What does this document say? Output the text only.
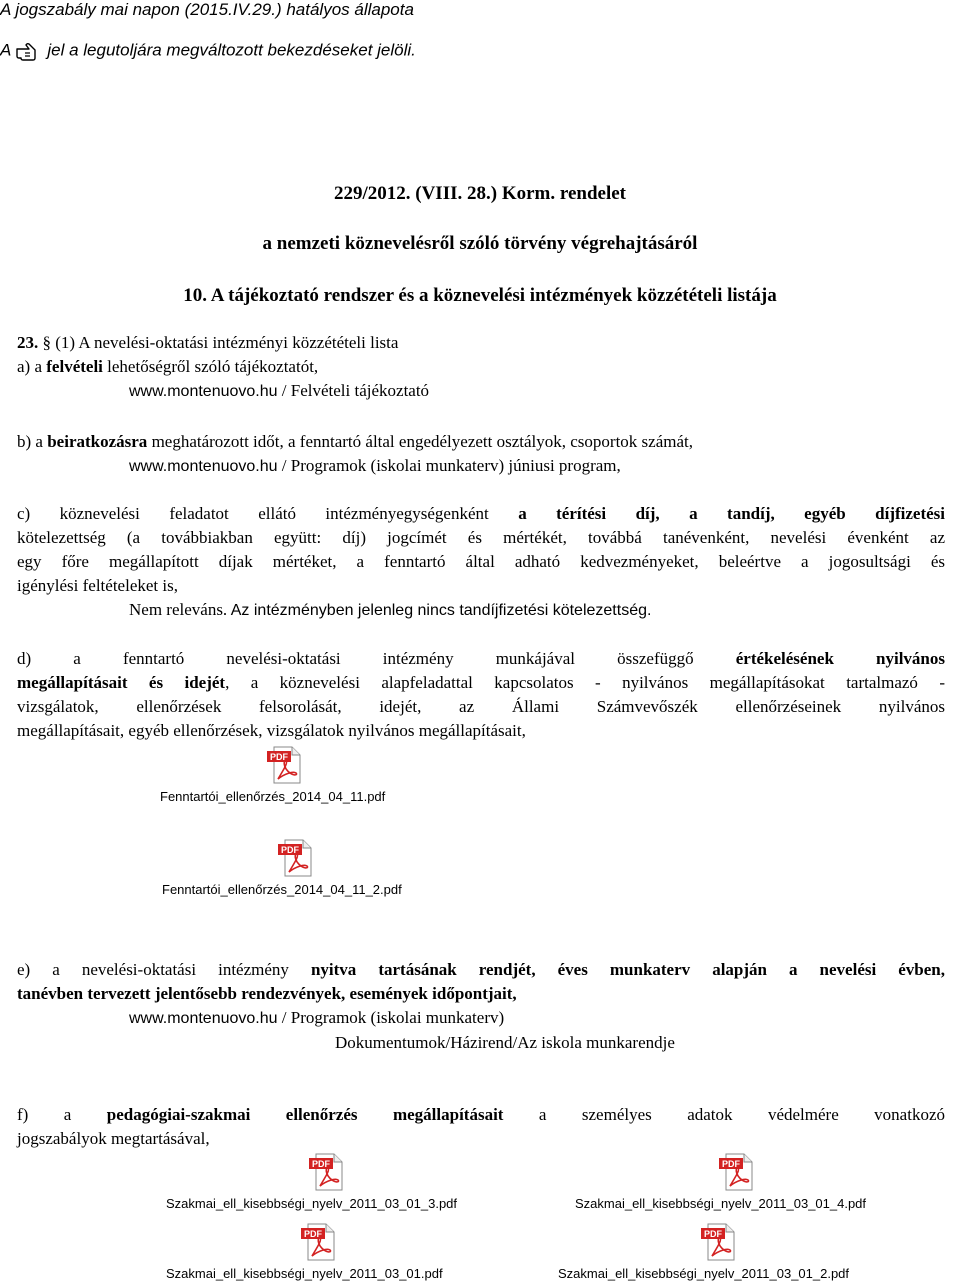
A jogszabály mai napon (2015.IV.29.) hatályos állapota
A jel a legutoljára megváltozott bekezdéseket jelöli.
229/2012. (VIII. 28.) Korm. rendelet
a nemzeti köznevelésről szóló törvény végrehajtásáról
10. A tájékoztató rendszer és a köznevelési intézmények közzétételi listája

23. § (1) A nevelési-oktatási intézményi közzétételi lista

a) a felvételi lehetőségről szóló tájékoztatót,

www.montenuovo.hu / Felvételi tájékoztató

b) a beiratkozásra meghatározott időt, a fenntartó által engedélyezett osztályok, csoportok számát,

www.montenuovo.hu / Programok (iskolai munkaterv) júniusi program,

c) köznevelési feladatot ellátó intézményegységenként a térítési díj, a tandíj, egyéb díjfizetési

kötelezettség (a továbbiakban együtt: díj) jogcímét és mértékét, továbbá tanévenként, nevelési évenként az

egy főre megállapított díjak mértéket, a fenntartó által adható kedvezményeket, beleértve a jogosultsági és

igénylési feltételeket is,

Nem releváns. Az intézményben jelenleg nincs tandíjfizetési kötelezettség.

d) a fenntartó nevelési-oktatási intézmény munkájával összefüggő értékelésének nyilvános

megállapításait és idejét, a köznevelési alapfeladattal kapcsolatos - nyilvános megállapításokat tartalmazó -

vizsgálatok, ellenőrzések felsorolását, idejét, az Állami Számvevőszék ellenőrzéseinek nyilvános

megállapításait, egyéb ellenőrzések, vizsgálatok nyilvános megállapításait,

PDF
Fenntartói_ellenőrzés_2014_04_11.pdf
PDF
Fenntartói_ellenőrzés_2014_04_11_2.pdf

e) a nevelési-oktatási intézmény nyitva tartásának rendjét, éves munkaterv alapján a nevelési évben,

tanévben tervezett jelentősebb rendezvények, események időpontjait,

www.montenuovo.hu / Programok (iskolai munkaterv)

Dokumentumok/Házirend/Az iskola munkarendje

f) a pedagógiai-szakmai ellenőrzés megállapításait a személyes adatok védelmére vonatkozó

jogszabályok megtartásával,

PDF
Szakmai_ell_kisebbségi_nyelv_2011_03_01_3.pdf
PDF
Szakmai_ell_kisebbségi_nyelv_2011_03_01_4.pdf
PDF
Szakmai_ell_kisebbségi_nyelv_2011_03_01.pdf
PDF
Szakmai_ell_kisebbségi_nyelv_2011_03_01_2.pdf
